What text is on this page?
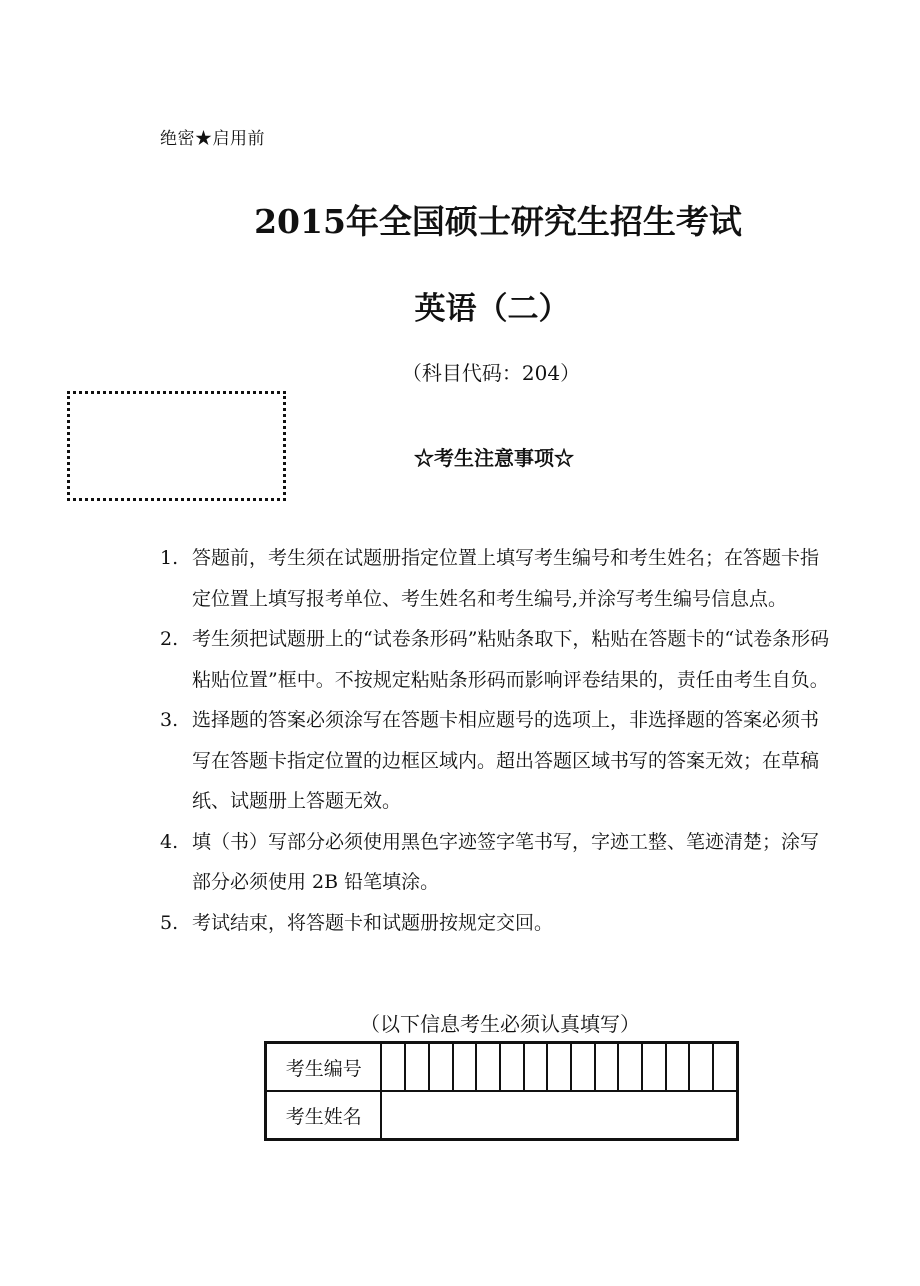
绝密★启用前
2015年全国硕士研究生招生考试
英语（二）
（科目代码：204）
☆考生注意事项☆
1. 答题前，考生须在试题册指定位置上填写考生编号和考生姓名；在答题卡指定位置上填写报考单位、考生姓名和考生编号,并涂写考生编号信息点。
2. 考生须把试题册上的“试卷条形码”粘贴条取下，粘贴在答题卡的“试卷条形码粘贴位置”框中。不按规定粘贴条形码而影响评卷结果的，责任由考生自负。
3. 选择题的答案必须涂写在答题卡相应题号的选项上，非选择题的答案必须书写在答题卡指定位置的边框区域内。超出答题区域书写的答案无效；在草稿纸、试题册上答题无效。
4. 填（书）写部分必须使用黑色字迹签字笔书写，字迹工整、笔迹清楚；涂写部分必须使用 2B 铅笔填涂。
5. 考试结束，将答题卡和试题册按规定交回。
（以下信息考生必须认真填写）
考生编号															
考生姓名															
